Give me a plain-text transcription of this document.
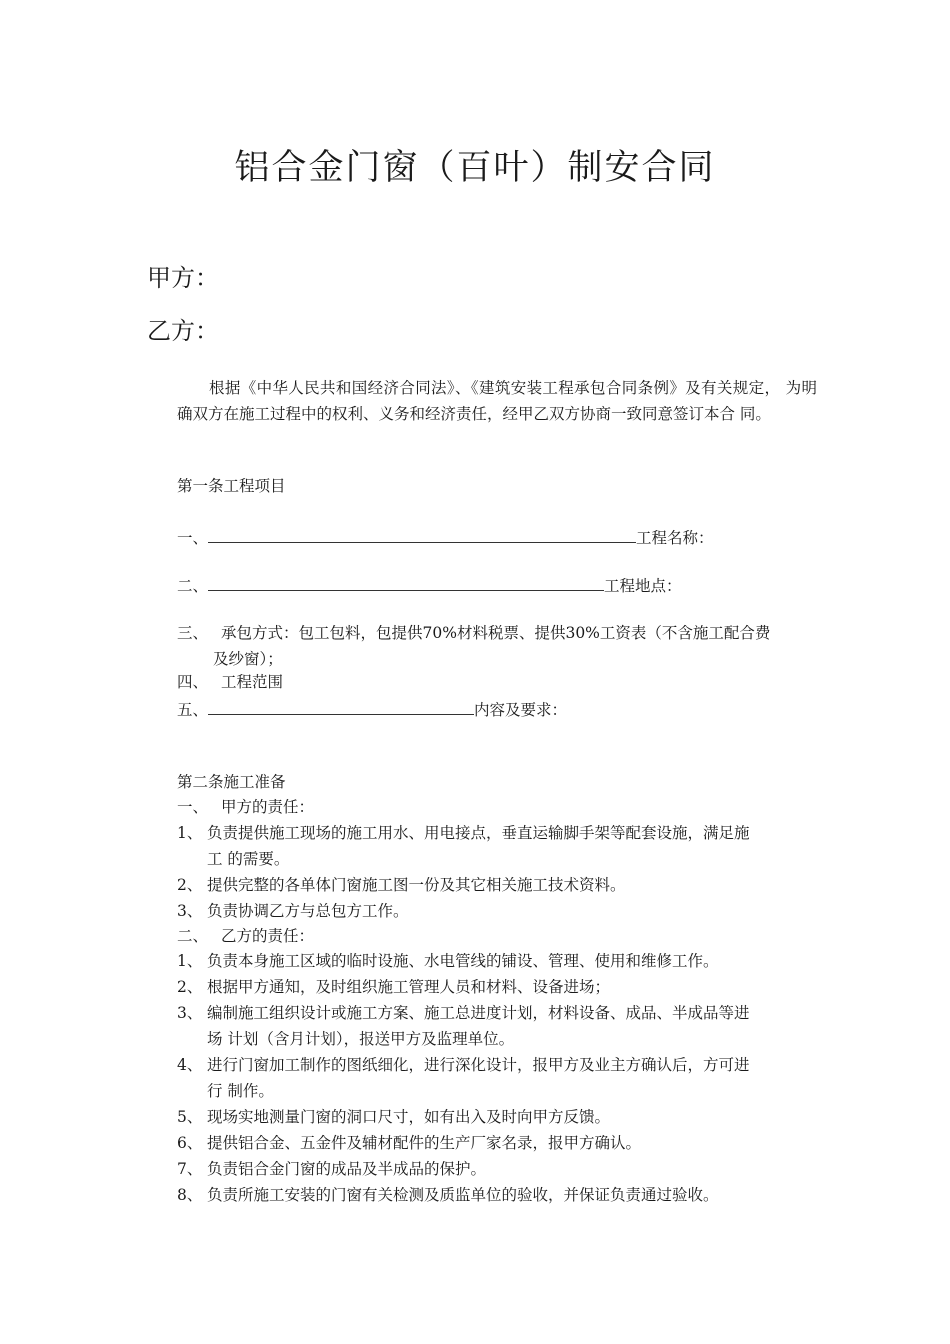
铝合金门窗（百叶）制安合同
甲方：
乙方：
根据《中华人民共和国经济合同法》、《建筑安装工程承包合同条例》及有关规定， 为明确双方在施工过程中的权利、义务和经济责任，经甲乙双方协商一致同意签订本合 同。
第一条工程项目
一、	工程名称：
二、	工程地点：
三、 承包方式：包工包料，包提供70%材料税票、提供30%工资表（不含施工配合费
及纱窗）；
四、 工程范围
五、	内容及要求：
第二条施工准备
一、 甲方的责任：
1、 负责提供施工现场的施工用水、用电接点，垂直运输脚手架等配套设施，满足施
工 的需要。
2、 提供完整的各单体门窗施工图一份及其它相关施工技术资料。
3、 负责协调乙方与总包方工作。
二、 乙方的责任：
1、 负责本身施工区域的临时设施、水电管线的铺设、管理、使用和维修工作。
2、 根据甲方通知，及时组织施工管理人员和材料、设备进场；
3、 编制施工组织设计或施工方案、施工总进度计划，材料设备、成品、半成品等进
场 计划（含月计划），报送甲方及监理单位。
4、 进行门窗加工制作的图纸细化，进行深化设计，报甲方及业主方确认后，方可进
行 制作。
5、 现场实地测量门窗的洞口尺寸，如有出入及时向甲方反馈。
6、 提供铝合金、五金件及辅材配件的生产厂家名录，报甲方确认。
7、 负责铝合金门窗的成品及半成品的保护。
8、 负责所施工安装的门窗有关检测及质监单位的验收，并保证负责通过验收。
